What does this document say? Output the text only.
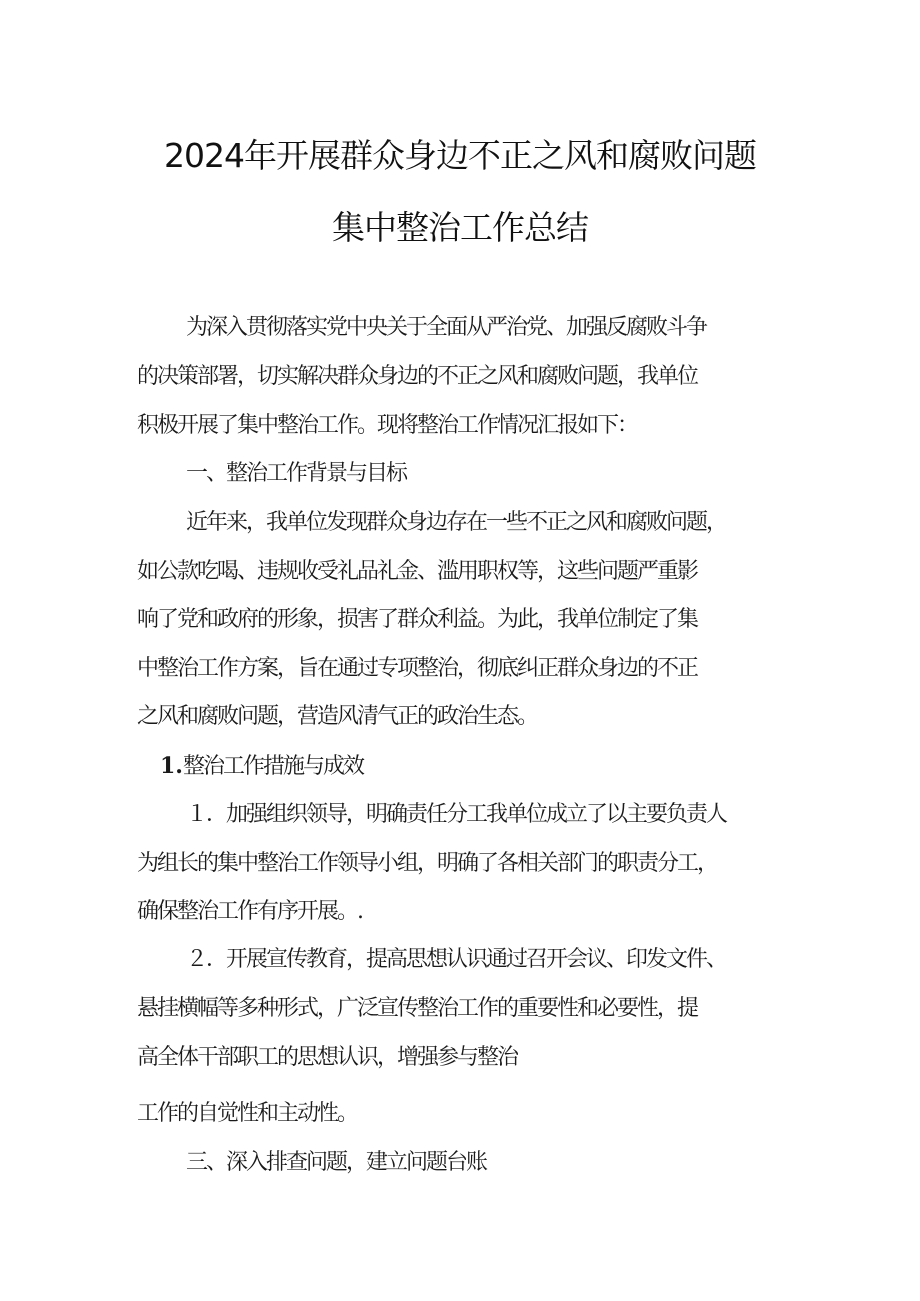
2024年开展群众身边不正之风和腐败问题
集中整治工作总结

为深入贯彻落实党中央关于全面从严治党、加强反腐败斗争

的决策部署，切实解决群众身边的不正之风和腐败问题，我单位

积极开展了集中整治工作。现将整治工作情况汇报如下：

一、整治工作背景与目标

近年来，我单位发现群众身边存在一些不正之风和腐败问题，

如公款吃喝、违规收受礼品礼金、滥用职权等，这些问题严重影

响了党和政府的形象，损害了群众利益。为此，我单位制定了集

中整治工作方案，旨在通过专项整治，彻底纠正群众身边的不正

之风和腐败问题，营造风清气正的政治生态。

1.整治工作措施与成效

１．加强组织领导，明确责任分工我单位成立了以主要负责人

为组长的集中整治工作领导小组，明确了各相关部门的职责分工，

确保整治工作有序开展。.

２．开展宣传教育，提高思想认识通过召开会议、印发文件、

悬挂横幅等多种形式，广泛宣传整治工作的重要性和必要性，提

高全体干部职工的思想认识，增强参与整治

工作的自觉性和主动性。

三、深入排查问题，建立问题台账
